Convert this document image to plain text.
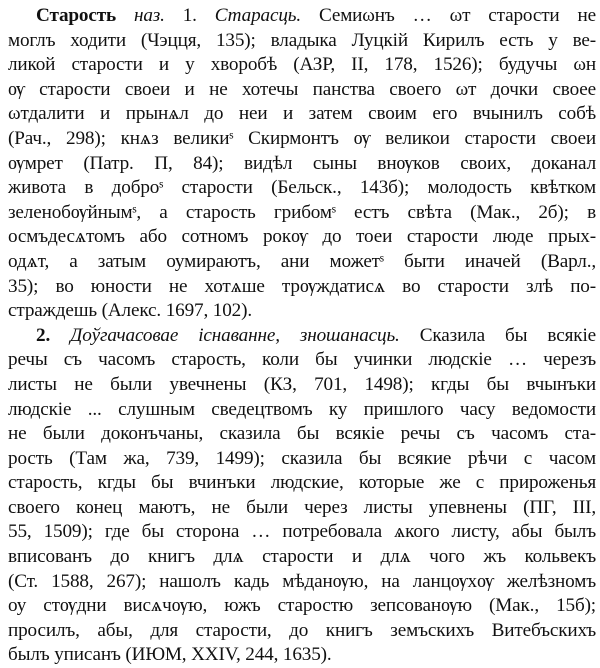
Старость наз. 1. Старасць. Семиωнъ … ωт старости не
моглъ ходити (Чэцця, 135); владыка Луцкій Кирилъ есть у ве-
ликой старости и у хворобѣ (АЗР, II, 178, 1526); будучы ωн
ѹ старости своеи и не хотечы панства своего ωт дочки своее
ωтдалити и прынѧл до неи и затем своим его вчынилъ собѣ
(Рач., 298); кнѧз великиˢ Скирмонтъ ѹ великои старости своеи
ѹмрет (Патр. П, 84); видѣл сыны внѹков своих, доканал
живота в доброˢ старости (Бельск., 143б); молодость квѣтком
зеленобѹйнымˢ, а старость грибомˢ естъ свѣта (Мак., 2б); в
осмъдесѧтомъ або сотномъ рокѹ до тоеи старости люде прых-
одѧт, а затым оумираютъ, ани можетˢ быти иначей (Варл.,
35); во юности не хотѧше трѹждатисѧ во старости злѣ по-
страждешь (Алекс. 1697, 102).

2. Доўгачасовае існаванне, зношанасць. Сказила бы всякіе
речы съ часомъ старость, коли бы учинки людскіе … черезъ
листы не были увечнены (КЗ, 701, 1498); кгды бы вчынъки
людскіе ... слушным сведецтвомъ ку пришлого часу ведомости
не были доконъчаны, сказила бы всякіе речы съ часомъ ста-
рость (Там жа, 739, 1499); сказила бы всякие рѣчи с часом
старость, кгды бы вчинъки людские, которые же с прироженья
своего конец маютъ, не были через листы упевнены (ПГ, III,
55, 1509); где бы сторона … потребовала ѧкого листу, абы былъ
вписованъ до книгъ длѧ старости и длѧ чого жъ кольвекъ
(Ст. 1588, 267); нашолъ кадь мѣданѹю, на ланцѹхѹ желѣзномъ
оу стѹдни висѧчѹю, южъ старостю зепсованѹю (Мак., 15б);
просилъ, абы, для старости, до книгъ земъскихъ Витебъскихъ
былъ уписанъ (ИЮМ, XXIV, 244, 1635).
